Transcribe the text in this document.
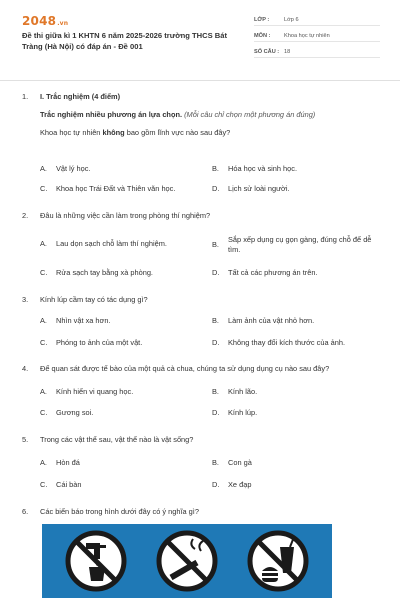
2048.vn
Đề thi giữa kì 1 KHTN 6 năm 2025-2026 trường THCS Bát Tràng (Hà Nội) có đáp án - Đề 001
LỚP :	Lớp 6
MÔN :	Khoa học tự nhiên
SỐ CÂU : 18
1. I. Trắc nghiệm (4 điểm)
Trắc nghiệm nhiều phương án lựa chọn. (Mỗi câu chỉ chọn một phương án đúng)
Khoa học tự nhiên không bao gồm lĩnh vực nào sau đây?
A.	Vật lý học.	B.	Hóa học và sinh học.
C.	Khoa học Trái Đất và Thiên văn học.	D.	Lịch sử loài người.
2. Đâu là những việc cần làm trong phòng thí nghiệm?
A.	Lau dọn sạch chỗ làm thí nghiệm.	B.
Sắp xếp dụng cụ gọn gàng, đúng chỗ để dễ tìm.
C.	Rửa sạch tay bằng xà phòng.	D.	Tất cả các phương án trên.
3. Kính lúp cầm tay có tác dụng gì?
A.	Nhìn vật xa hơn.	B.	Làm ảnh của vật nhỏ hơn.
C.	Phóng to ảnh của một vật.	D.	Không thay đổi kích thước của ảnh.
4. Để quan sát được tế bào của một quả cà chua, chúng ta sử dụng dụng cụ nào sau đây?
A.	Kính hiển vi quang học.	B.	Kính lão.
C.	Gương soi.	D.	Kính lúp.
5. Trong các vật thể sau, vật thể nào là vật sống?
A.	Hòn đá	B.	Con gà
C.	Cái bàn	D.	Xe đạp
6. Các biển báo trong hình dưới đây có ý nghĩa gì?
